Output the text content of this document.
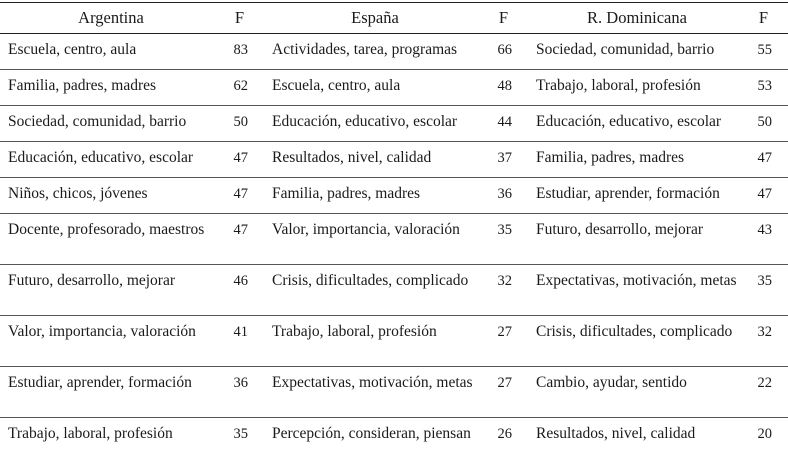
Argentina	F	España	F	R. Dominicana	F
Escuela, centro, aula	83	Actividades, tarea, programas	66	Sociedad, comunidad, barrio	55
Familia, padres, madres	62	Escuela, centro, aula	48	Trabajo, laboral, profesión	53
Sociedad, comunidad, barrio	50	Educación, educativo, escolar	44	Educación, educativo, escolar	50
Educación, educativo, escolar	47	Resultados, nivel, calidad	37	Familia, padres, madres	47
Niños, chicos, jóvenes	47	Familia, padres, madres	36	Estudiar, aprender, formación	47
Docente, profesorado, maestros	47	Valor, importancia, valoración	35	Futuro, desarrollo, mejorar	43
Futuro, desarrollo, mejorar	46	Crisis, dificultades, complicado	32	Expectativas, motivación, metas	35
Valor, importancia, valoración	41	Trabajo, laboral, profesión	27	Crisis, dificultades, complicado	32
Estudiar, aprender, formación	36	Expectativas, motivación, metas	27	Cambio, ayudar, sentido	22
Trabajo, laboral, profesión	35	Percepción, consideran, piensan	26	Resultados, nivel, calidad	20
